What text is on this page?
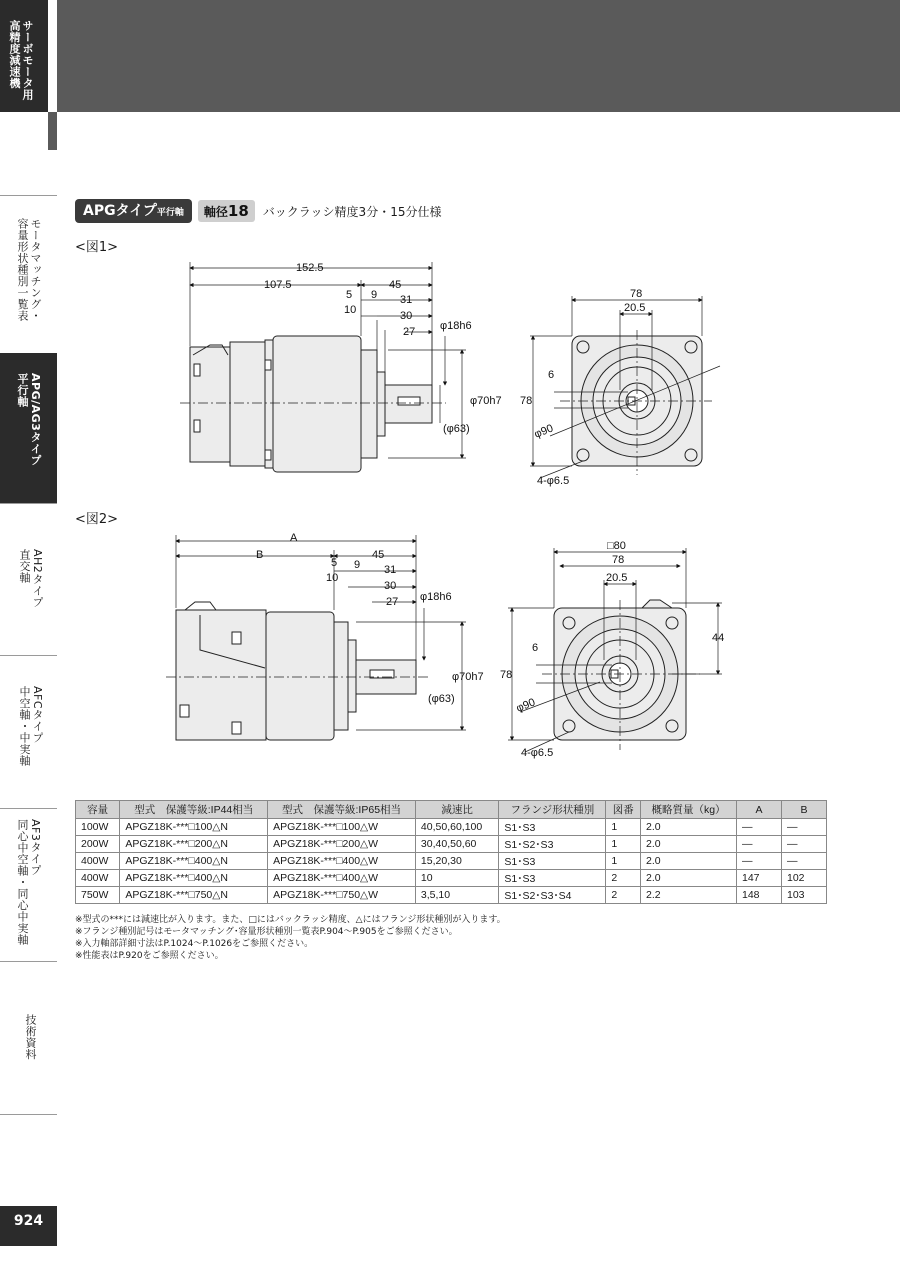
サーボモータ用
高精度減速機
モータマッチング・
容量形状種別一覧表
APG/AG3タイプ
平行軸
AH2タイプ
直交軸
AFCタイプ
中空軸・中実軸
AF3タイプ
同心中空軸・同心中実軸
技術資料
924
APGタイプ平行軸	軸径18	バックラッシ精度3分・15分仕様
<図1>
<図2>
152.5
107.5	45
5 9 31
10	30
27 φ18h6
φ70h7
(φ63)
78
20.5
6
78
φ90
4-φ6.5
A
B	45
5 9 31
10
30
27 φ18h6
φ70h7
(φ63)
□80
78
20.5
6
78
44
φ90
4-φ6.5
容量	型式　保護等級:IP44相当	型式　保護等級:IP65相当	減速比	フランジ形状種別	図番	概略質量（kg）	A	B
100W	APGZ18K-***□100△N	APGZ18K-***□100△W	40,50,60,100	S1･S3	1	2.0	—	—
200W	APGZ18K-***□200△N	APGZ18K-***□200△W	30,40,50,60	S1･S2･S3	1	2.0	—	—
400W	APGZ18K-***□400△N	APGZ18K-***□400△W	15,20,30	S1･S3	1	2.0	—	—
400W	APGZ18K-***□400△N	APGZ18K-***□400△W	10	S1･S3	2	2.0	147	102
750W	APGZ18K-***□750△N	APGZ18K-***□750△W	3,5,10	S1･S2･S3･S4	2	2.2	148	103
※型式の***には減速比が入ります。また、□にはバックラッシ精度、△にはフランジ形状種別が入ります。
※フランジ種別記号はモータマッチング･容量形状種別一覧表P.904～P.905をご参照ください。
※入力軸部詳細寸法はP.1024～P.1026をご参照ください。
※性能表はP.920をご参照ください。
